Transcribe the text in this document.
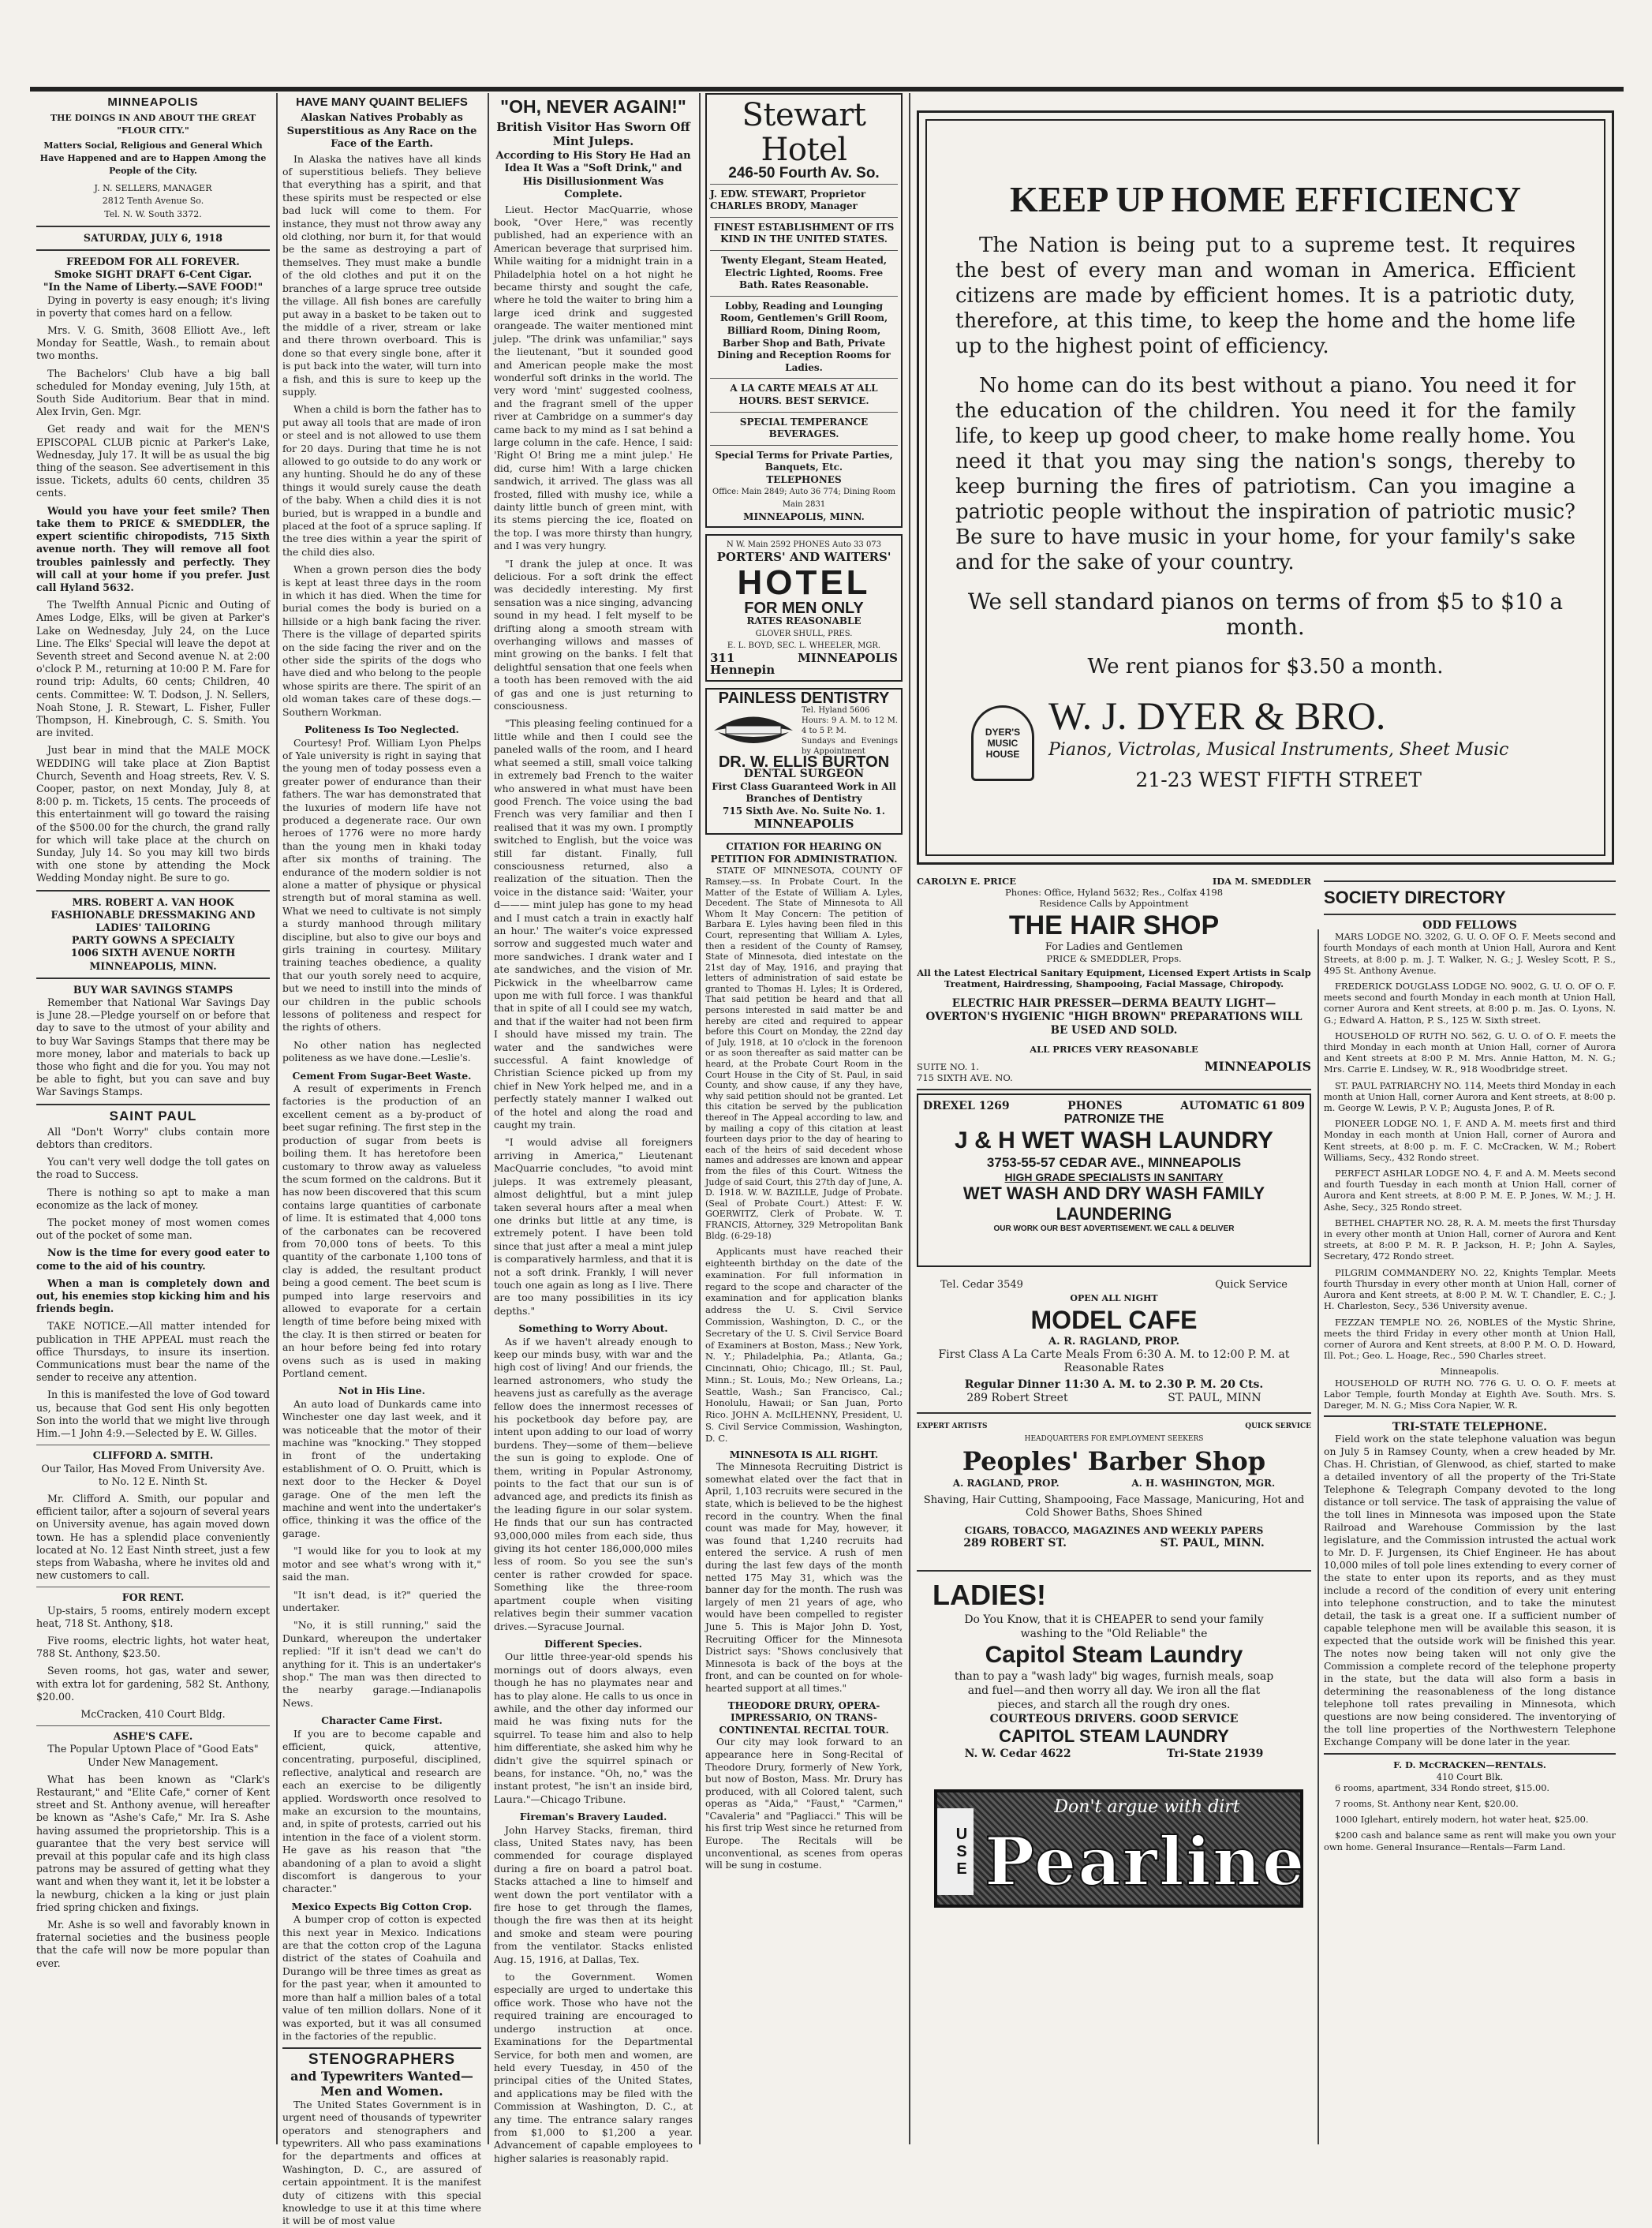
MINNEAPOLIS
THE DOINGS IN AND ABOUT THE GREAT "FLOUR CITY."
Matters Social, Religious and General Which Have Happened and are to Happen Among the People of the City.
J. N. SELLERS, MANAGER
2812 Tenth Avenue So.
Tel. N. W. South 3372.
SATURDAY, JULY 6, 1918
FREEDOM FOR ALL FOREVER.
Smoke SIGHT DRAFT 6-Cent Cigar.
"In the Name of Liberty.—SAVE FOOD!"

Dying in poverty is easy enough; it's living in poverty that comes hard on a fellow.

Mrs. V. G. Smith, 3608 Elliott Ave., left Monday for Seattle, Wash., to remain about two months.

The Bachelors' Club have a big ball scheduled for Monday evening, July 15th, at South Side Auditorium. Bear that in mind. Alex Irvin, Gen. Mgr.

Get ready and wait for the MEN'S EPISCOPAL CLUB picnic at Parker's Lake, Wednesday, July 17. It will be as usual the big thing of the season. See advertisement in this issue. Tickets, adults 60 cents, children 35 cents.

Would you have your feet smile? Then take them to PRICE & SMEDDLER, the expert scientific chiropodists, 715 Sixth avenue north. They will remove all foot troubles painlessly and perfectly. They will call at your home if you prefer. Just call Hyland 5632.

The Twelfth Annual Picnic and Outing of Ames Lodge, Elks, will be given at Parker's Lake on Wednesday, July 24, on the Luce Line. The Elks' Special will leave the depot at Seventh street and Second avenue N. at 2:00 o'clock P. M., returning at 10:00 P. M. Fare for round trip: Adults, 60 cents; Children, 40 cents. Committee: W. T. Dodson, J. N. Sellers, Noah Stone, J. R. Stewart, L. Fisher, Fuller Thompson, H. Kinebrough, C. S. Smith. You are invited.

Just bear in mind that the MALE MOCK WEDDING will take place at Zion Baptist Church, Seventh and Hoag streets, Rev. V. S. Cooper, pastor, on next Monday, July 8, at 8:00 p. m. Tickets, 15 cents. The proceeds of this entertainment will go toward the raising of the $500.00 for the church, the grand rally for which will take place at the church on Sunday, July 14. So you may kill two birds with one stone by attending the Mock Wedding Monday night. Be sure to go.

MRS. ROBERT A. VAN HOOK
FASHIONABLE DRESSMAKING AND LADIES' TAILORING
PARTY GOWNS A SPECIALTY
1006 SIXTH AVENUE NORTH
MINNEAPOLIS, MINN.
BUY WAR SAVINGS STAMPS

Remember that National War Savings Day is June 28.—Pledge yourself on or before that day to save to the utmost of your ability and to buy War Savings Stamps that there may be more money, labor and materials to back up those who fight and die for you. You may not be able to fight, but you can save and buy War Savings Stamps.

SAINT PAUL

All "Don't Worry" clubs contain more debtors than creditors.

You can't very well dodge the toll gates on the road to Success.

There is nothing so apt to make a man economize as the lack of money.

The pocket money of most women comes out of the pocket of some man.

Now is the time for every good eater to come to the aid of his country.

When a man is completely down and out, his enemies stop kicking him and his friends begin.

TAKE NOTICE.—All matter intended for publication in THE APPEAL must reach the office Thursdays, to insure its insertion. Communications must bear the name of the sender to receive any attention.

In this is manifested the love of God toward us, because that God sent His only begotten Son into the world that we might live through Him.—1 John 4:9.—Selected by E. W. Gilles.

CLIFFORD A. SMITH.

Our Tailor, Has Moved From University Ave. to No. 12 E. Ninth St.

Mr. Clifford A. Smith, our popular and efficient tailor, after a sojourn of several years on University avenue, has again moved down town. He has a splendid place conveniently located at No. 12 East Ninth street, just a few steps from Wabasha, where he invites old and new customers to call.

FOR RENT.

Up-stairs, 5 rooms, entirely modern except heat, 718 St. Anthony, $18.

Five rooms, electric lights, hot water heat, 788 St. Anthony, $23.50.

Seven rooms, hot gas, water and sewer, with extra lot for gardening, 582 St. Anthony, $20.00.

McCracken, 410 Court Bldg.

ASHE'S CAFE.

The Popular Uptown Place of "Good Eats" Under New Management.

What has been known as "Clark's Restaurant," and "Elite Cafe," corner of Kent street and St. Anthony avenue, will hereafter be known as "Ashe's Cafe," Mr. Ira S. Ashe having assumed the proprietorship. This is a guarantee that the very best service will prevail at this popular cafe and its high class patrons may be assured of getting what they want and when they want it, let it be lobster a la newburg, chicken a la king or just plain fried spring chicken and fixings.

Mr. Ashe is so well and favorably known in fraternal societies and the business people that the cafe will now be more popular than ever.

HAVE MANY QUAINT BELIEFS
Alaskan Natives Probably as Superstitious as Any Race on the Face of the Earth.

In Alaska the natives have all kinds of superstitious beliefs. They believe that everything has a spirit, and that these spirits must be respected or else bad luck will come to them. For instance, they must not throw away any old clothing, nor burn it, for that would be the same as destroying a part of themselves. They must make a bundle of the old clothes and put it on the branches of a large spruce tree outside the village. All fish bones are carefully put away in a basket to be taken out to the middle of a river, stream or lake and there thrown overboard. This is done so that every single bone, after it is put back into the water, will turn into a fish, and this is sure to keep up the supply.

When a child is born the father has to put away all tools that are made of iron or steel and is not allowed to use them for 20 days. During that time he is not allowed to go outside to do any work or any hunting. Should he do any of these things it would surely cause the death of the baby. When a child dies it is not buried, but is wrapped in a bundle and placed at the foot of a spruce sapling. If the tree dies within a year the spirit of the child dies also.

When a grown person dies the body is kept at least three days in the room in which it has died. When the time for burial comes the body is buried on a hillside or a high bank facing the river. There is the village of departed spirits on the side facing the river and on the other side the spirits of the dogs who have died and who belong to the people whose spirits are there. The spirit of an old woman takes care of these dogs.—Southern Workman.

Politeness Is Too Neglected.

Courtesy! Prof. William Lyon Phelps of Yale university is right in saying that the young men of today possess even a greater power of endurance than their fathers. The war has demonstrated that the luxuries of modern life have not produced a degenerate race. Our own heroes of 1776 were no more hardy than the young men in khaki today after six months of training. The endurance of the modern soldier is not alone a matter of physique or physical strength but of moral stamina as well. What we need to cultivate is not simply a sturdy manhood through military discipline, but also to give our boys and girls training in courtesy. Military training teaches obedience, a quality that our youth sorely need to acquire, but we need to instill into the minds of our children in the public schools lessons of politeness and respect for the rights of others.

No other nation has neglected politeness as we have done.—Leslie's.

Cement From Sugar-Beet Waste.

A result of experiments in French factories is the production of an excellent cement as a by-product of beet sugar refining. The first step in the production of sugar from beets is boiling them. It has heretofore been customary to throw away as valueless the scum formed on the caldrons. But it has now been discovered that this scum contains large quantities of carbonate of lime. It is estimated that 4,000 tons of the carbonates can be recovered from 70,000 tons of beets. To this quantity of the carbonate 1,100 tons of clay is added, the resultant product being a good cement. The beet scum is pumped into large reservoirs and allowed to evaporate for a certain length of time before being mixed with the clay. It is then stirred or beaten for an hour before being fed into rotary ovens such as is used in making Portland cement.

Not in His Line.

An auto load of Dunkards came into Winchester one day last week, and it was noticeable that the motor of their machine was "knocking." They stopped in front of the undertaking establishment of O. O. Pruitt, which is next door to the Hecker & Doyel garage. One of the men left the machine and went into the undertaker's office, thinking it was the office of the garage.

"I would like for you to look at my motor and see what's wrong with it," said the man.

"It isn't dead, is it?" queried the undertaker.

"No, it is still running," said the Dunkard, whereupon the undertaker replied: "If it isn't dead we can't do anything for it. This is an undertaker's shop." The man was then directed to the nearby garage.—Indianapolis News.

Character Came First.

If you are to become capable and efficient, quick, attentive, concentrating, purposeful, disciplined, reflective, analytical and research are each an exercise to be diligently applied. Wordsworth once resolved to make an excursion to the mountains, and, in spite of protests, carried out his intention in the face of a violent storm. He gave as his reason that "the abandoning of a plan to avoid a slight discomfort is dangerous to your character."

Mexico Expects Big Cotton Crop.

A bumper crop of cotton is expected this next year in Mexico. Indications are that the cotton crop of the Laguna district of the states of Coahuila and Durango will be three times as great as for the past year, when it amounted to more than half a million bales of a total value of ten million dollars. None of it was exported, but it was all consumed in the factories of the republic.

STENOGRAPHERS
and Typewriters Wanted—Men and Women.

The United States Government is in urgent need of thousands of typewriter operators and stenographers and typewriters. All who pass examinations for the departments and offices at Washington, D. C., are assured of certain appointment. It is the manifest duty of citizens with this special knowledge to use it at this time where it will be of most value

"OH, NEVER AGAIN!"
British Visitor Has Sworn Off Mint Juleps.
According to His Story He Had an Idea It Was a "Soft Drink," and His Disillusionment Was Complete.

Lieut. Hector MacQuarrie, whose book, "Over Here," was recently published, had an experience with an American beverage that surprised him. While waiting for a midnight train in a Philadelphia hotel on a hot night he became thirsty and sought the cafe, where he told the waiter to bring him a large iced drink and suggested orangeade. The waiter mentioned mint julep. "The drink was unfamiliar," says the lieutenant, "but it sounded good and American people make the most wonderful soft drinks in the world. The very word 'mint' suggested coolness, and the fragrant smell of the upper river at Cambridge on a summer's day came back to my mind as I sat behind a large column in the cafe. Hence, I said: 'Right O! Bring me a mint julep.' He did, curse him! With a large chicken sandwich, it arrived. The glass was all frosted, filled with mushy ice, while a dainty little bunch of green mint, with its stems piercing the ice, floated on the top. I was more thirsty than hungry, and I was very hungry.

"I drank the julep at once. It was delicious. For a soft drink the effect was decidedly interesting. My first sensation was a nice singing, advancing sound in my head. I felt myself to be drifting along a smooth stream with overhanging willows and masses of mint growing on the banks. I felt that delightful sensation that one feels when a tooth has been removed with the aid of gas and one is just returning to consciousness.

"This pleasing feeling continued for a little while and then I could see the paneled walls of the room, and I heard what seemed a still, small voice talking in extremely bad French to the waiter who answered in what must have been good French. The voice using the bad French was very familiar and then I realised that it was my own. I promptly switched to English, but the voice was still far distant. Finally, full consciousness returned, also a realization of the situation. Then the voice in the distance said: 'Waiter, your d——— mint julep has gone to my head and I must catch a train in exactly half an hour.' The waiter's voice expressed sorrow and suggested much water and more sandwiches. I drank water and I ate sandwiches, and the vision of Mr. Pickwick in the wheelbarrow came upon me with full force. I was thankful that in spite of all I could see my watch, and that if the waiter had not been firm I should have missed my train. The water and the sandwiches were successful. A faint knowledge of Christian Science picked up from my chief in New York helped me, and in a perfectly stately manner I walked out of the hotel and along the road and caught my train.

"I would advise all foreigners arriving in America," Lieutenant MacQuarrie concludes, "to avoid mint juleps. It was extremely pleasant, almost delightful, but a mint julep taken several hours after a meal when one drinks but little at any time, is extremely potent. I have been told since that just after a meal a mint julep is comparatively harmless, and that it is not a soft drink. Frankly, I will never touch one again as long as I live. There are too many possibilities in its icy depths."

Something to Worry About.

As if we haven't already enough to keep our minds busy, with war and the high cost of living! And our friends, the learned astronomers, who study the heavens just as carefully as the average fellow does the innermost recesses of his pocketbook day before pay, are intent upon adding to our load of worry burdens. They—some of them—believe the sun is going to explode. One of them, writing in Popular Astronomy, points to the fact that our sun is of advanced age, and predicts its finish as the leading figure in our solar system. He finds that our sun has contracted 93,000,000 miles from each side, thus giving its hot center 186,000,000 miles less of room. So you see the sun's center is rather crowded for space. Something like the three-room apartment couple when visiting relatives begin their summer vacation drives.—Syracuse Journal.

Different Species.

Our little three-year-old spends his mornings out of doors always, even though he has no playmates near and has to play alone. He calls to us once in awhile, and the other day informed our maid he was fixing nuts for the squirrel. To tease him and also to help him differentiate, she asked him why he didn't give the squirrel spinach or beans, for instance. "Oh, no," was the instant protest, "he isn't an inside bird, Laura."—Chicago Tribune.

Fireman's Bravery Lauded.

John Harvey Stacks, fireman, third class, United States navy, has been commended for courage displayed during a fire on board a patrol boat. Stacks attached a line to himself and went down the port ventilator with a fire hose to get through the flames, though the fire was then at its height and smoke and steam were pouring from the ventilator. Stacks enlisted Aug. 15, 1916, at Dallas, Tex.

to the Government. Women especially are urged to undertake this office work. Those who have not the required training are encouraged to undergo instruction at once. Examinations for the Departmental Service, for both men and women, are held every Tuesday, in 450 of the principal cities of the United States, and applications may be filed with the Commission at Washington, D. C., at any time. The entrance salary ranges from $1,000 to $1,200 a year. Advancement of capable employees to higher salaries is reasonably rapid.

Stewart Hotel
246-50 Fourth Av. So.
J. EDW. STEWART, Proprietor
CHARLES BRODY, Manager
FINEST ESTABLISHMENT OF ITS KIND IN THE UNITED STATES.
Twenty Elegant, Steam Heated, Electric Lighted, Rooms. Free Bath. Rates Reasonable.
Lobby, Reading and Lounging Room, Gentlemen's Grill Room, Billiard Room, Dining Room, Barber Shop and Bath, Private Dining and Reception Rooms for Ladies.
A LA CARTE MEALS AT ALL HOURS. BEST SERVICE.
SPECIAL TEMPERANCE BEVERAGES.
Special Terms for Private Parties, Banquets, Etc.
TELEPHONES
Office: Main 2849; Auto 36 774; Dining Room Main 2831
MINNEAPOLIS, MINN.
N W. Main 2592 PHONES Auto 33 073
PORTERS' AND WAITERS'
HOTEL
FOR MEN ONLY
RATES REASONABLE
GLOVER SHULL, PRES.
E. L. BOYD, SEC. L. WHEELER, MGR.
311 Hennepin
MINNEAPOLIS
PAINLESS DENTISTRY
Tel. Hyland 5606
Hours: 9 A. M. to 12 M. 4 to 5 P. M.
Sundays and Evenings by Appointment
DR. W. ELLIS BURTON
DENTAL SURGEON
First Class Guaranteed Work in All Branches of Dentistry
715 Sixth Ave. No. Suite No. 1.
MINNEAPOLIS
CITATION FOR HEARING ON PETITION FOR ADMINISTRATION.

STATE OF MINNESOTA, COUNTY OF Ramsey.—ss. In Probate Court. In the Matter of the Estate of William A. Lyles, Decedent. The State of Minnesota to All Whom It May Concern: The petition of Barbara E. Lyles having been filed in this Court, representing that William A. Lyles, then a resident of the County of Ramsey, State of Minnesota, died intestate on the 21st day of May, 1916, and praying that letters of administration of said estate be granted to Thomas H. Lyles; It is Ordered, That said petition be heard and that all persons interested in said matter be and hereby are cited and required to appear before this Court on Monday, the 22nd day of July, 1918, at 10 o'clock in the forenoon or as soon thereafter as said matter can be heard, at the Probate Court Room in the Court House in the City of St. Paul, in said County, and show cause, if any they have, why said petition should not be granted. Let this citation be served by the publication thereof in The Appeal according to law, and by mailing a copy of this citation at least fourteen days prior to the day of hearing to each of the heirs of said decedent whose names and addresses are known and appear from the files of this Court. Witness the Judge of said Court, this 27th day of June, A. D. 1918. W. W. BAZILLE, Judge of Probate. (Seal of Probate Court.) Attest: F. W. GOERWITZ, Clerk of Probate. W. T. FRANCIS, Attorney, 329 Metropolitan Bank Bldg. (6-29-18)

Applicants must have reached their eighteenth birthday on the date of the examination. For full information in regard to the scope and character of the examination and for application blanks address the U. S. Civil Service Commission, Washington, D. C., or the Secretary of the U. S. Civil Service Board of Examiners at Boston, Mass.; New York, N. Y.; Philadelphia, Pa.; Atlanta, Ga.; Cincinnati, Ohio; Chicago, Ill.; St. Paul, Minn.; St. Louis, Mo.; New Orleans, La.; Seattle, Wash.; San Francisco, Cal.; Honolulu, Hawaii; or San Juan, Porto Rico. JOHN A. McILHENNY, President, U. S. Civil Service Commission, Washington, D. C.

MINNESOTA IS ALL RIGHT.

The Minnesota Recruiting District is somewhat elated over the fact that in April, 1,103 recruits were secured in the state, which is believed to be the highest record in the country. When the final count was made for May, however, it was found that 1,240 recruits had entered the service. A rush of men during the last few days of the month netted 175 May 31, which was the banner day for the month. The rush was largely of men 21 years of age, who would have been compelled to register June 5. This is Major John D. Yost, Recruiting Officer for the Minnesota District says: "Shows conclusively that Minnesota is back of the boys at the front, and can be counted on for whole-hearted support at all times."

THEODORE DRURY, OPERA-IMPRESSARIO, ON TRANS-CONTINENTAL RECITAL TOUR.

Our city may look forward to an appearance here in Song-Recital of Theodore Drury, formerly of New York, but now of Boston, Mass. Mr. Drury has produced, with all Colored talent, such operas as "Aida," "Faust," "Carmen," "Cavaleria" and "Pagliacci." This will be his first trip West since he returned from Europe. The Recitals will be unconventional, as scenes from operas will be sung in costume.

KEEP UP HOME EFFICIENCY

The Nation is being put to a supreme test. It requires the best of every man and woman in America. Efficient citizens are made by efficient homes. It is a patriotic duty, therefore, at this time, to keep the home and the home life up to the highest point of efficiency.

No home can do its best without a piano. You need it for the education of the children. You need it for the family life, to keep up good cheer, to make home really home. You need it that you may sing the nation's songs, thereby to keep burning the fires of patriotism. Can you imagine a patriotic people without the inspiration of patriotic music? Be sure to have music in your home, for your family's sake and for the sake of your country.

We sell standard pianos on terms of from $5 to $10 a month.

We rent pianos for $3.50 a month.

DYER'S MUSIC HOUSE
W. J. DYER & BRO.
Pianos, Victrolas, Musical Instruments, Sheet Music
21-23 WEST FIFTH STREET
CAROLYN E. PRICE	IDA M. SMEDDLER
Phones: Office, Hyland 5632; Res., Colfax 4198
Residence Calls by Appointment
THE HAIR SHOP
For Ladies and Gentlemen
PRICE & SMEDDLER, Props.
All the Latest Electrical Sanitary Equipment, Licensed Expert Artists in Scalp Treatment, Hairdressing, Shampooing, Facial Massage, Chiropody.
ELECTRIC HAIR PRESSER—DERMA BEAUTY LIGHT—OVERTON'S HYGIENIC "HIGH BROWN" PREPARATIONS WILL BE USED AND SOLD.
ALL PRICES VERY REASONABLE
SUITE NO. 1.
715 SIXTH AVE. NO.
MINNEAPOLIS
DREXEL 1269	PHONES	AUTOMATIC 61 809
PATRONIZE THE
J & H WET WASH LAUNDRY
3753-55-57 CEDAR AVE., MINNEAPOLIS
HIGH GRADE SPECIALISTS IN SANITARY
WET WASH AND DRY WASH FAMILY LAUNDERING
OUR WORK OUR BEST ADVERTISEMENT. WE CALL & DELIVER
Tel. Cedar 3549	Quick Service
OPEN ALL NIGHT
MODEL CAFE
A. R. RAGLAND, PROP.
First Class A La Carte Meals From 6:30 A. M. to 12:00 P. M. at Reasonable Rates
Regular Dinner 11:30 A. M. to 2.30 P. M. 20 Cts.
289 Robert Street	ST. PAUL, MINN
EXPERT ARTISTS	QUICK SERVICE
HEADQUARTERS FOR EMPLOYMENT SEEKERS
Peoples' Barber Shop
A. RAGLAND, PROP.	A. H. WASHINGTON, MGR.
Shaving, Hair Cutting, Shampooing, Face Massage, Manicuring, Hot and Cold Shower Baths, Shoes Shined
CIGARS, TOBACCO, MAGAZINES AND WEEKLY PAPERS
289 ROBERT ST.	ST. PAUL, MINN.
LADIES!
Do You Know, that it is CHEAPER to send your family washing to the "Old Reliable" the
Capitol Steam Laundry
than to pay a "wash lady" big wages, furnish meals, soap and fuel—and then worry all day. We iron all the flat pieces, and starch all the rough dry ones.
COURTEOUS DRIVERS. GOOD SERVICE
CAPITOL STEAM LAUNDRY
N. W. Cedar 4622	Tri-State 21939
USE
Don't argue with dirt
Pearline
SOCIETY DIRECTORY
ODD FELLOWS

MARS LODGE NO. 3202, G. U. O. OF O. F. Meets second and fourth Mondays of each month at Union Hall, Aurora and Kent Streets, at 8:00 p. m. J. T. Walker, N. G.; J. Wesley Scott, P. S., 495 St. Anthony Avenue.

FREDERICK DOUGLASS LODGE NO. 9002, G. U. O. OF O. F. meets second and fourth Monday in each month at Union Hall, corner Aurora and Kent streets, at 8:00 p. m. Jas. O. Lyons, N. G.; Edward A. Hatton, P. S., 125 W. Sixth street.

HOUSEHOLD OF RUTH NO. 562, G. U. O. of O. F. meets the third Monday in each month at Union Hall, corner of Aurora and Kent streets at 8:00 P. M. Mrs. Annie Hatton, M. N. G.; Mrs. Carrie E. Lindsey, W. R., 918 Woodbridge street.

ST. PAUL PATRIARCHY NO. 114, Meets third Monday in each month at Union Hall, corner Aurora and Kent streets, at 8:00 p. m. George W. Lewis, P. V. P.; Augusta Jones, P. of R.

PIONEER LODGE NO. 1, F. AND A. M. meets first and third Monday in each month at Union Hall, corner of Aurora and Kent streets, at 8:00 p. m. F. C. McCracken, W. M.; Robert Williams, Secy., 432 Rondo street.

PERFECT ASHLAR LODGE NO. 4, F. and A. M. Meets second and fourth Tuesday in each month at Union Hall, corner of Aurora and Kent streets, at 8:00 P. M. E. P. Jones, W. M.; J. H. Ashe, Secy., 325 Rondo street.

BETHEL CHAPTER NO. 28, R. A. M. meets the first Thursday in every other month at Union Hall, corner of Aurora and Kent streets, at 8:00 P. M. R. P. Jackson, H. P.; John A. Sayles, Secretary, 472 Rondo street.

PILGRIM COMMANDERY NO. 22, Knights Templar. Meets fourth Thursday in every other month at Union Hall, corner of Aurora and Kent streets, at 8:00 P. M. W. T. Chandler, E. C.; J. H. Charleston, Secy., 536 University avenue.

FEZZAN TEMPLE NO. 26, NOBLES of the Mystic Shrine, meets the third Friday in every other month at Union Hall, corner of Aurora and Kent streets, at 8:00 P. M. O. D. Howard, Ill. Pot.; Geo. L. Hoage, Rec., 590 Charles street.

Minneapolis.

HOUSEHOLD OF RUTH NO. 776 G. U. O. O. F. meets at Labor Temple, fourth Monday at Eighth Ave. South. Mrs. S. Dareger, M. N. G.; Miss Cora Napier, W. R.

TRI-STATE TELEPHONE.

Field work on the state telephone valuation was begun on July 5 in Ramsey County, when a crew headed by Mr. Chas. H. Christian, of Glenwood, as chief, started to make a detailed inventory of all the property of the Tri-State Telephone & Telegraph Company devoted to the long distance or toll service. The task of appraising the value of the toll lines in Minnesota was imposed upon the State Railroad and Warehouse Commission by the last legislature, and the Commission intrusted the actual work to Mr. D. F. Jurgensen, its Chief Engineer. He has about 10,000 miles of toll pole lines extending to every corner of the state to enter upon its reports, and as they must include a record of the condition of every unit entering into telephone construction, and to take the minutest detail, the task is a great one. If a sufficient number of capable telephone men will be available this season, it is expected that the outside work will be finished this year. The notes now being taken will not only give the Commission a complete record of the telephone property in the state, but the data will also form a basis in determining the reasonableness of the long distance telephone toll rates prevailing in Minnesota, which questions are now being considered. The inventorying of the toll line properties of the Northwestern Telephone Exchange Company will be done later in the year.

F. D. McCRACKEN—RENTALS.
410 Court Blk.

6 rooms, apartment, 334 Rondo street, $15.00.

7 rooms, St. Anthony near Kent, $20.00.

1000 Iglehart, entirely modern, hot water heat, $25.00.

$200 cash and balance same as rent will make you own your own home. General Insurance—Rentals—Farm Land.
